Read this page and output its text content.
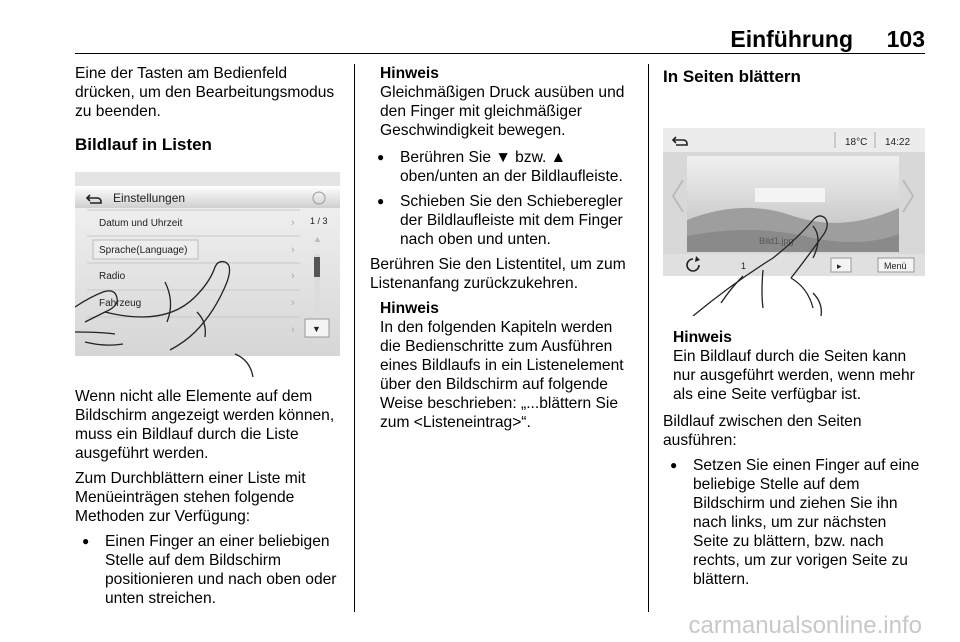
Einführung 103

Eine der Tasten am Bedienfeld drücken, um den Bearbeitungsmodus zu beenden.

Bildlauf in Listen
Einstellungen
Datum und Uhrzeit
Sprache(Language)
Radio
Fahrzeug
›
›
›
›
›
1 / 3
▲
▼

Wenn nicht alle Elemente auf dem Bildschirm angezeigt werden können, muss ein Bildlauf durch die Liste ausgeführt werden.

Zum Durchblättern einer Liste mit Menüeinträgen stehen folgende Methoden zur Verfügung:

● Einen Finger an einer beliebigen Stelle auf dem Bildschirm positionieren und nach oben oder unten streichen.
Hinweis
Gleichmäßigen Druck ausüben und den Finger mit gleichmäßiger Geschwindigkeit bewegen.
● Berühren Sie ▼ bzw. ▲ oben/unten an der Bildlaufleiste.
● Schieben Sie den Schieberegler der Bildlaufleiste mit dem Finger nach oben und unten.

Berühren Sie den Listentitel, um zum Listenanfang zurückzukehren.

Hinweis
In den folgenden Kapiteln werden die Bedienschritte zum Ausführen eines Bildlaufs in ein Listenelement über den Bildschirm auf folgende Weise beschrieben: „...blättern Sie zum <Listeneintrag>“.
In Seiten blättern
18°C 14:22
Bild1.jpg
1	▸	Menü
Hinweis
Ein Bildlauf durch die Seiten kann nur ausgeführt werden, wenn mehr als eine Seite verfügbar ist.

Bildlauf zwischen den Seiten ausführen:

● Setzen Sie einen Finger auf eine beliebige Stelle auf dem Bildschirm und ziehen Sie ihn nach links, um zur nächsten Seite zu blättern, bzw. nach rechts, um zur vorigen Seite zu blättern.
carmanualsonline.info
